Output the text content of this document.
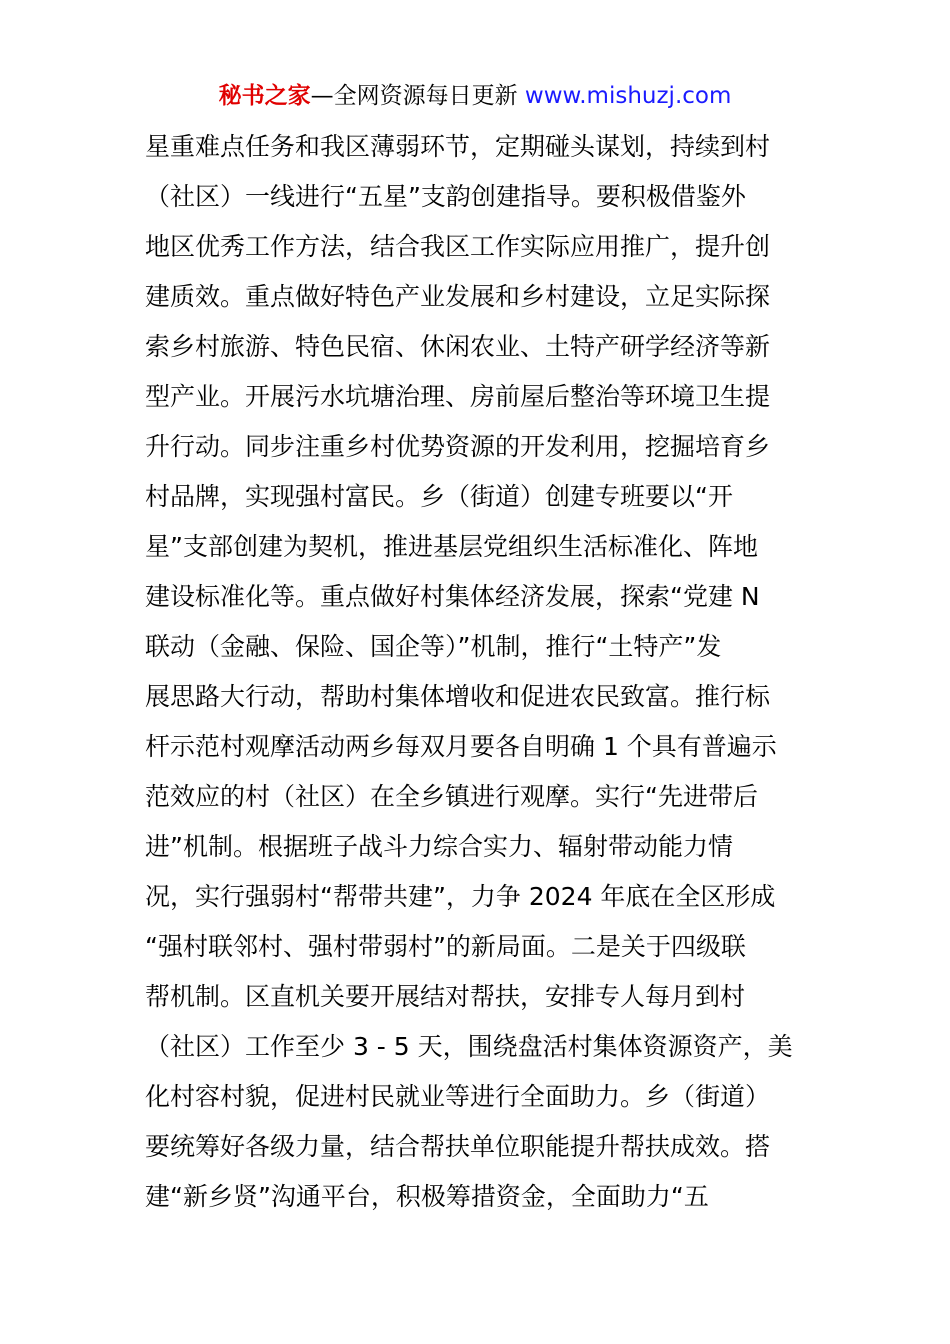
秘书之家—全网资源每日更新 www.mishuzj.com
星重难点任务和我区薄弱环节，定期碰头谋划，持续到村
（社区）一线进行“五星”支韵创建指导。要积极借鉴外
地区优秀工作方法，结合我区工作实际应用推广，提升创
建质效。重点做好特色产业发展和乡村建设，立足实际探
索乡村旅游、特色民宿、休闲农业、土特产研学经济等新
型产业。开展污水坑塘治理、房前屋后整治等环境卫生提
升行动。同步注重乡村优势资源的开发利用，挖掘培育乡
村品牌，实现强村富民。乡（街道）创建专班要以“开
星”支部创建为契机，推进基层党组织生活标准化、阵地
建设标准化等。重点做好村集体经济发展，探索“党建 N
联动（金融、保险、国企等）”机制，推行“土特产”发
展思路大行动，帮助村集体增收和促进农民致富。推行标
杆示范村观摩活动两乡每双月要各自明确 1 个具有普遍示
范效应的村（社区）在全乡镇进行观摩。实行“先进带后
进”机制。根据班子战斗力综合实力、辐射带动能力情
况，实行强弱村“帮带共建”，力争 2024 年底在全区形成
“强村联邻村、强村带弱村”的新局面。二是关于四级联
帮机制。区直机关要开展结对帮扶，安排专人每月到村
（社区）工作至少 3 - 5 天，围绕盘活村集体资源资产，美
化村容村貌，促进村民就业等进行全面助力。乡（街道）
要统筹好各级力量，结合帮扶单位职能提升帮扶成效。搭
建“新乡贤”沟通平台，积极筹措资金，全面助力“五
